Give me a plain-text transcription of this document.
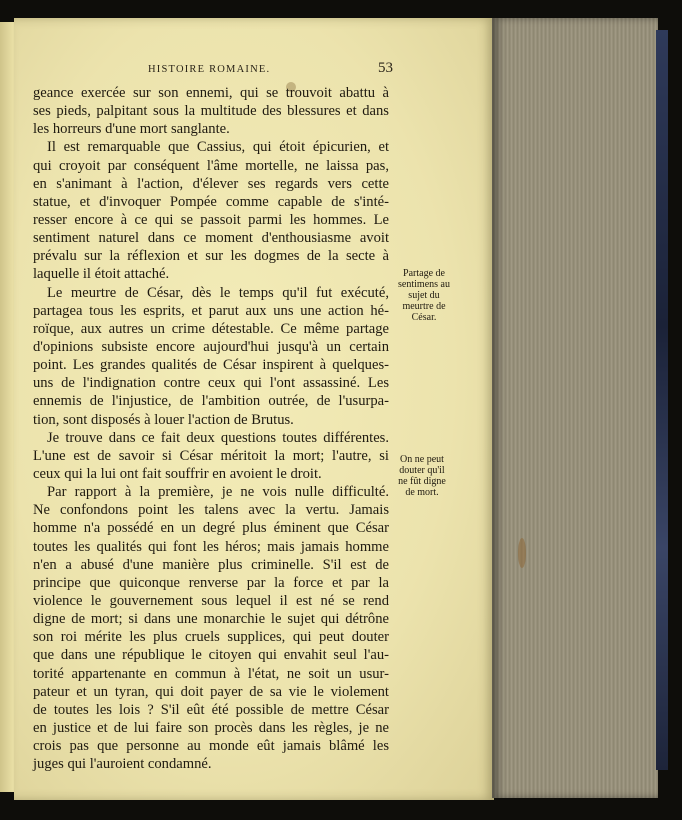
HISTOIRE ROMAINE.	53
geance exercée sur son ennemi, qui se trouvoit abattu à
ses pieds, palpitant sous la multitude des blessures et dans
les horreurs d'une mort sanglante.
Il est remarquable que Cassius, qui étoit épicurien, et
qui croyoit par conséquent l'âme mortelle, ne laissa pas,
en s'animant à l'action, d'élever ses regards vers cette
statue, et d'invoquer Pompée comme capable de s'inté-
resser encore à ce qui se passoit parmi les hommes. Le
sentiment naturel dans ce moment d'enthousiasme avoit
prévalu sur la réflexion et sur les dogmes de la secte à
laquelle il étoit attaché.
Le meurtre de César, dès le temps qu'il fut exécuté,
partagea tous les esprits, et parut aux uns une action hé-
roïque, aux autres un crime détestable. Ce même partage
d'opinions subsiste encore aujourd'hui jusqu'à un certain
point. Les grandes qualités de César inspirent à quelques-
uns de l'indignation contre ceux qui l'ont assassiné. Les
ennemis de l'injustice, de l'ambition outrée, de l'usurpa-
tion, sont disposés à louer l'action de Brutus.
Je trouve dans ce fait deux questions toutes différentes.
L'une est de savoir si César méritoit la mort; l'autre, si
ceux qui la lui ont fait souffrir en avoient le droit.
Par rapport à la première, je ne vois nulle difficulté.
Ne confondons point les talens avec la vertu. Jamais
homme n'a possédé en un degré plus éminent que César
toutes les qualités qui font les héros; mais jamais homme
n'en a abusé d'une manière plus criminelle. S'il est de
principe que quiconque renverse par la force et par la
violence le gouvernement sous lequel il est né se rend
digne de mort; si dans une monarchie le sujet qui détrône
son roi mérite les plus cruels supplices, qui peut douter
que dans une république le citoyen qui envahit seul l'au-
torité appartenante en commun à l'état, ne soit un usur-
pateur et un tyran, qui doit payer de sa vie le violement
de toutes les lois ? S'il eût été possible de mettre César
en justice et de lui faire son procès dans les règles, je ne
crois pas que personne au monde eût jamais blâmé les
juges qui l'auroient condamné.
Partage de
sentimens au
sujet du
meurtre de
César.
On ne peut
douter qu'il
ne fût digne
de mort.
